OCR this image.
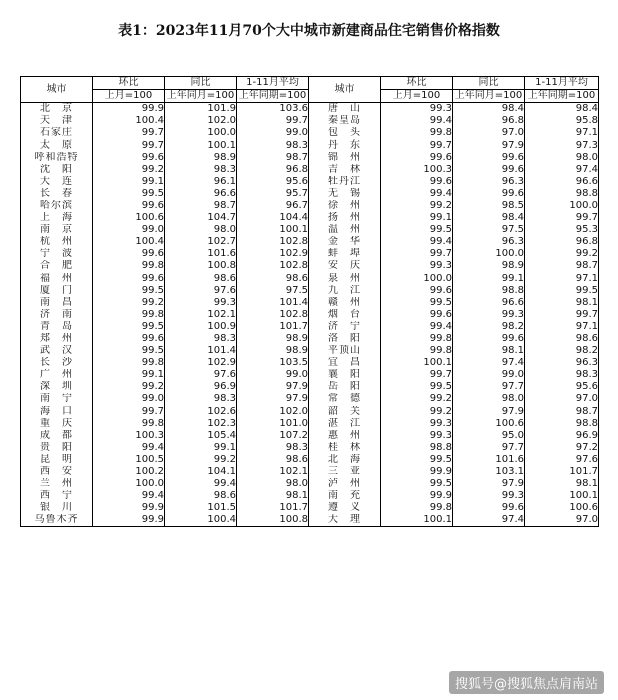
表1：2023年11月70个大中城市新建商品住宅销售价格指数
城市	环比	同比	1-11月平均	城市	环比	同比	1-11月平均
	上月=100	上年同月=100	上年同期=100		上月=100	上年同月=100	上年同期=100
北　京	99.9	101.9	103.6	唐　山	99.3	98.4	98.4
天　津	100.4	102.0	99.7	秦皇岛	99.4	96.8	95.8
石家庄	99.7	100.0	99.0	包　头	99.8	97.0	97.1
太　原	99.7	100.1	98.3	丹　东	99.7	97.9	97.3
呼和浩特	99.6	98.9	98.7	锦　州	99.6	99.6	98.0
沈　阳	99.2	98.3	96.8	吉　林	100.3	99.6	97.4
大　连	99.1	96.1	95.6	牡丹江	99.6	96.3	96.6
长　春	99.5	96.6	95.7	无　锡	99.4	99.6	98.8
哈尔滨	99.6	98.7	96.7	徐　州	99.2	98.5	100.0
上　海	100.6	104.7	104.4	扬　州	99.1	98.4	99.7
南　京	99.0	98.0	100.1	温　州	99.5	97.5	95.3
杭　州	100.4	102.7	102.8	金　华	99.4	96.3	96.8
宁　波	99.6	101.6	102.9	蚌　埠	99.7	100.0	99.2
合　肥	99.8	100.8	102.8	安　庆	99.3	98.9	98.7
福　州	99.6	98.6	98.6	泉　州	100.0	99.1	97.1
厦　门	99.5	97.6	97.5	九　江	99.6	98.8	99.5
南　昌	99.2	99.3	101.4	赣　州	99.5	96.6	98.1
济　南	99.8	102.1	102.8	烟　台	99.6	99.3	99.7
青　岛	99.5	100.9	101.7	济　宁	99.4	98.2	97.1
郑　州	99.6	98.3	98.9	洛　阳	99.8	99.6	98.6
武　汉	99.5	101.4	98.9	平顶山	99.8	98.1	98.2
长　沙	99.8	102.9	103.5	宜　昌	100.1	97.4	96.3
广　州	99.1	97.6	99.0	襄　阳	99.7	99.0	98.3
深　圳	99.2	96.9	97.9	岳　阳	99.5	97.7	95.6
南　宁	99.0	98.3	97.9	常　德	99.2	98.0	97.0
海　口	99.7	102.6	102.0	韶　关	99.2	97.9	98.7
重　庆	99.8	102.3	101.0	湛　江	99.3	100.6	98.8
成　都	100.3	105.4	107.2	惠　州	99.3	95.0	96.9
贵　阳	99.4	99.1	98.3	桂　林	98.8	97.7	97.2
昆　明	100.5	99.2	98.6	北　海	99.5	101.6	97.6
西　安	100.2	104.1	102.1	三　亚	99.9	103.1	101.7
兰　州	100.0	99.4	98.0	泸　州	99.5	97.9	98.1
西　宁	99.4	98.6	98.1	南　充	99.9	99.3	100.1
银　川	99.9	101.5	101.7	遵　义	99.8	99.6	100.6
乌鲁木齐	99.9	100.4	100.8	大　理	100.1	97.4	97.0
搜狐号@搜狐焦点肩南站
